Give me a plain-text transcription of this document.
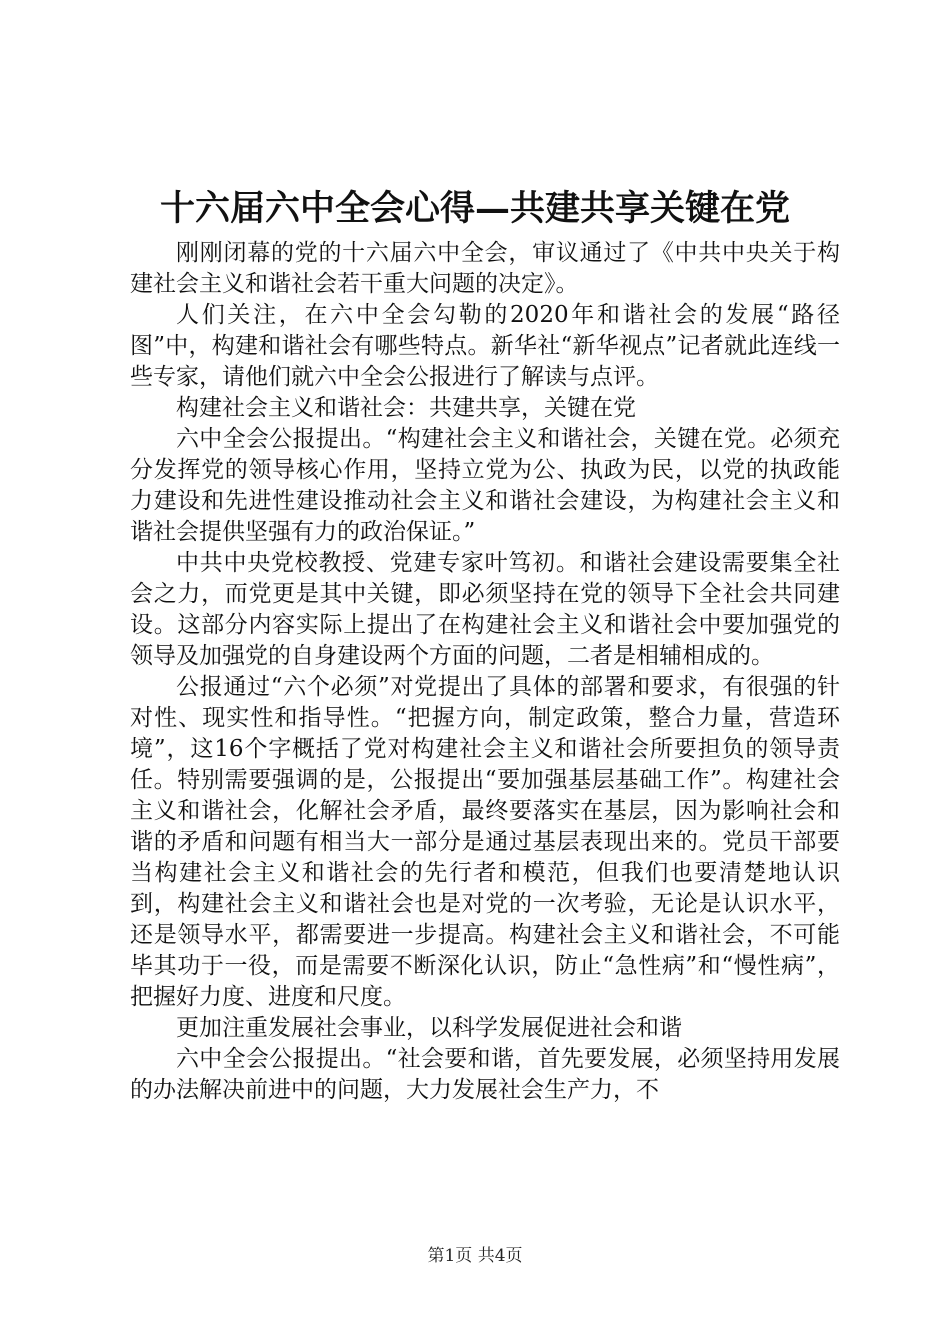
十六届六中全会心得—共建共享关键在党

刚刚闭幕的党的十六届六中全会，审议通过了《中共中央关于构建社会主义和谐社会若干重大问题的决定》。

人们关注，在六中全会勾勒的2020年和谐社会的发展“路径图”中，构建和谐社会有哪些特点。新华社“新华视点”记者就此连线一些专家，请他们就六中全会公报进行了解读与点评。

构建社会主义和谐社会：共建共享，关键在党

六中全会公报提出。“构建社会主义和谐社会，关键在党。必须充分发挥党的领导核心作用，坚持立党为公、执政为民，以党的执政能力建设和先进性建设推动社会主义和谐社会建设，为构建社会主义和谐社会提供坚强有力的政治保证。”

中共中央党校教授、党建专家叶笃初。和谐社会建设需要集全社会之力，而党更是其中关键，即必须坚持在党的领导下全社会共同建设。这部分内容实际上提出了在构建社会主义和谐社会中要加强党的领导及加强党的自身建设两个方面的问题，二者是相辅相成的。

公报通过“六个必须”对党提出了具体的部署和要求，有很强的针对性、现实性和指导性。“把握方向，制定政策，整合力量，营造环境”，这16个字概括了党对构建社会主义和谐社会所要担负的领导责任。特别需要强调的是，公报提出“要加强基层基础工作”。构建社会主义和谐社会，化解社会矛盾，最终要落实在基层，因为影响社会和谐的矛盾和问题有相当大一部分是通过基层表现出来的。党员干部要当构建社会主义和谐社会的先行者和模范，但我们也要清楚地认识到，构建社会主义和谐社会也是对党的一次考验，无论是认识水平，还是领导水平，都需要进一步提高。构建社会主义和谐社会，不可能毕其功于一役，而是需要不断深化认识，防止“急性病”和“慢性病”，把握好力度、进度和尺度。

更加注重发展社会事业，以科学发展促进社会和谐

六中全会公报提出。“社会要和谐，首先要发展，必须坚持用发展的办法解决前进中的问题，大力发展社会生产力，不

第1页 共4页
